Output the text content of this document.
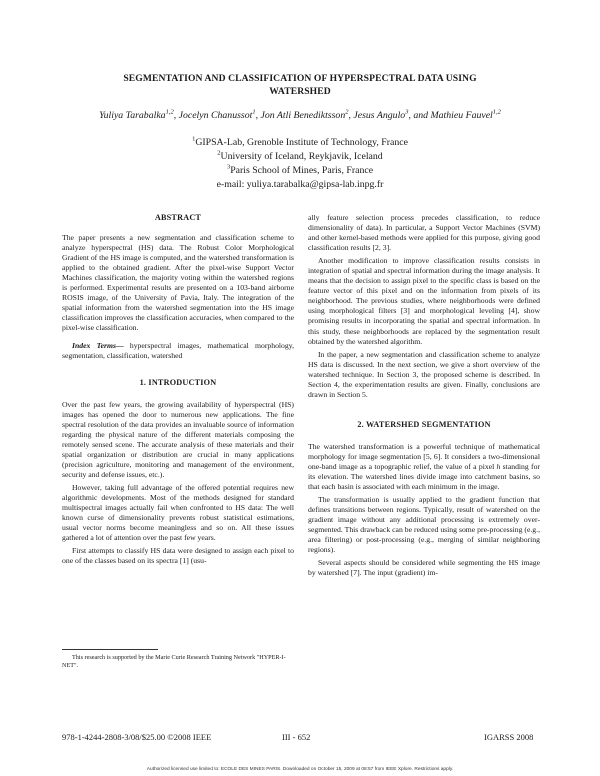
SEGMENTATION AND CLASSIFICATION OF HYPERSPECTRAL DATA USING
WATERSHED
Yuliya Tarabalka$^{1,2}$, Jocelyn Chanussot$^1$, Jon Atli Benediktsson$^2$, Jesus Angulo$^3$, and Mathieu Fauvel$^{1,2}$
$^1$GIPSA-Lab, Grenoble Institute of Technology, France
$^2$University of Iceland, Reykjavik, Iceland
$^3$Paris School of Mines, Paris, France
e-mail: yuliya.tarabalka@gipsa-lab.inpg.fr
ABSTRACT

The paper presents a new segmentation and classification scheme to analyze hyperspectral (HS) data. The Robust Color Morphological Gradient of the HS image is computed, and the watershed transformation is applied to the obtained gradient. After the pixel-wise Support Vector Machines classification, the majority voting within the watershed regions is performed. Experimental results are presented on a 103-band airborne ROSIS image, of the University of Pavia, Italy. The integration of the spatial information from the watershed segmentation into the HS image classification improves the classification accuracies, when compared to the pixel-wise classification.

Index Terms— hyperspectral images, mathematical morphology, segmentation, classification, watershed

1. INTRODUCTION

Over the past few years, the growing availability of hyperspectral (HS) images has opened the door to numerous new applications. The fine spectral resolution of the data provides an invaluable source of information regarding the physical nature of the different materials composing the remotely sensed scene. The accurate analysis of these materials and their spatial organization or distribution are crucial in many applications (precision agriculture, monitoring and management of the environment, security and defense issues, etc.).

However, taking full advantage of the offered potential requires new algorithmic developments. Most of the methods designed for standard multispectral images actually fail when confronted to HS data: The well known curse of dimensionality prevents robust statistical estimations, usual vector norms become meaningless and so on. All these issues gathered a lot of attention over the past few years.

First attempts to classify HS data were designed to assign each pixel to one of the classes based on its spectra [1] (usu-

This research is supported by the Marie Curie Research Training Network "HYPER-I-NET".

ally feature selection process precedes classification, to reduce dimensionality of data). In particular, a Support Vector Machines (SVM) and other kernel-based methods were applied for this purpose, giving good classification results [2, 3].

Another modification to improve classification results consists in integration of spatial and spectral information during the image analysis. It means that the decision to assign pixel to the specific class is based on the feature vector of this pixel and on the information from pixels of its neighborhood. The previous studies, where neighborhoods were defined using morphological filters [3] and morphological leveling [4], show promising results in incorporating the spatial and spectral information. In this study, these neighborhoods are replaced by the segmentation result obtained by the watershed algorithm.

In the paper, a new segmentation and classification scheme to analyze HS data is discussed. In the next section, we give a short overview of the watershed technique. In Section 3, the proposed scheme is described. In Section 4, the experimentation results are given. Finally, conclusions are drawn in Section 5.

2. WATERSHED SEGMENTATION

The watershed transformation is a powerful technique of mathematical morphology for image segmentation [5, 6]. It considers a two-dimensional one-band image as a topographic relief, the value of a pixel h standing for its elevation. The watershed lines divide image into catchment basins, so that each basin is associated with each minimum in the image.

The transformation is usually applied to the gradient function that defines transitions between regions. Typically, result of watershed on the gradient image without any additional processing is extremely over-segmented. This drawback can be reduced using some pre-processing (e.g., area filtering) or post-processing (e.g., merging of similar neighboring regions).

Several aspects should be considered while segmenting the HS image by watershed [7]. The input (gradient) im-

978-1-4244-2808-3/08/$25.00 ©2008 IEEE	III - 652	IGARSS 2008
Authorized licensed use limited to: ECOLE DES MINES PARIS. Downloaded on October 15, 2009 at 08:57 from IEEE Xplore. Restrictions apply.
